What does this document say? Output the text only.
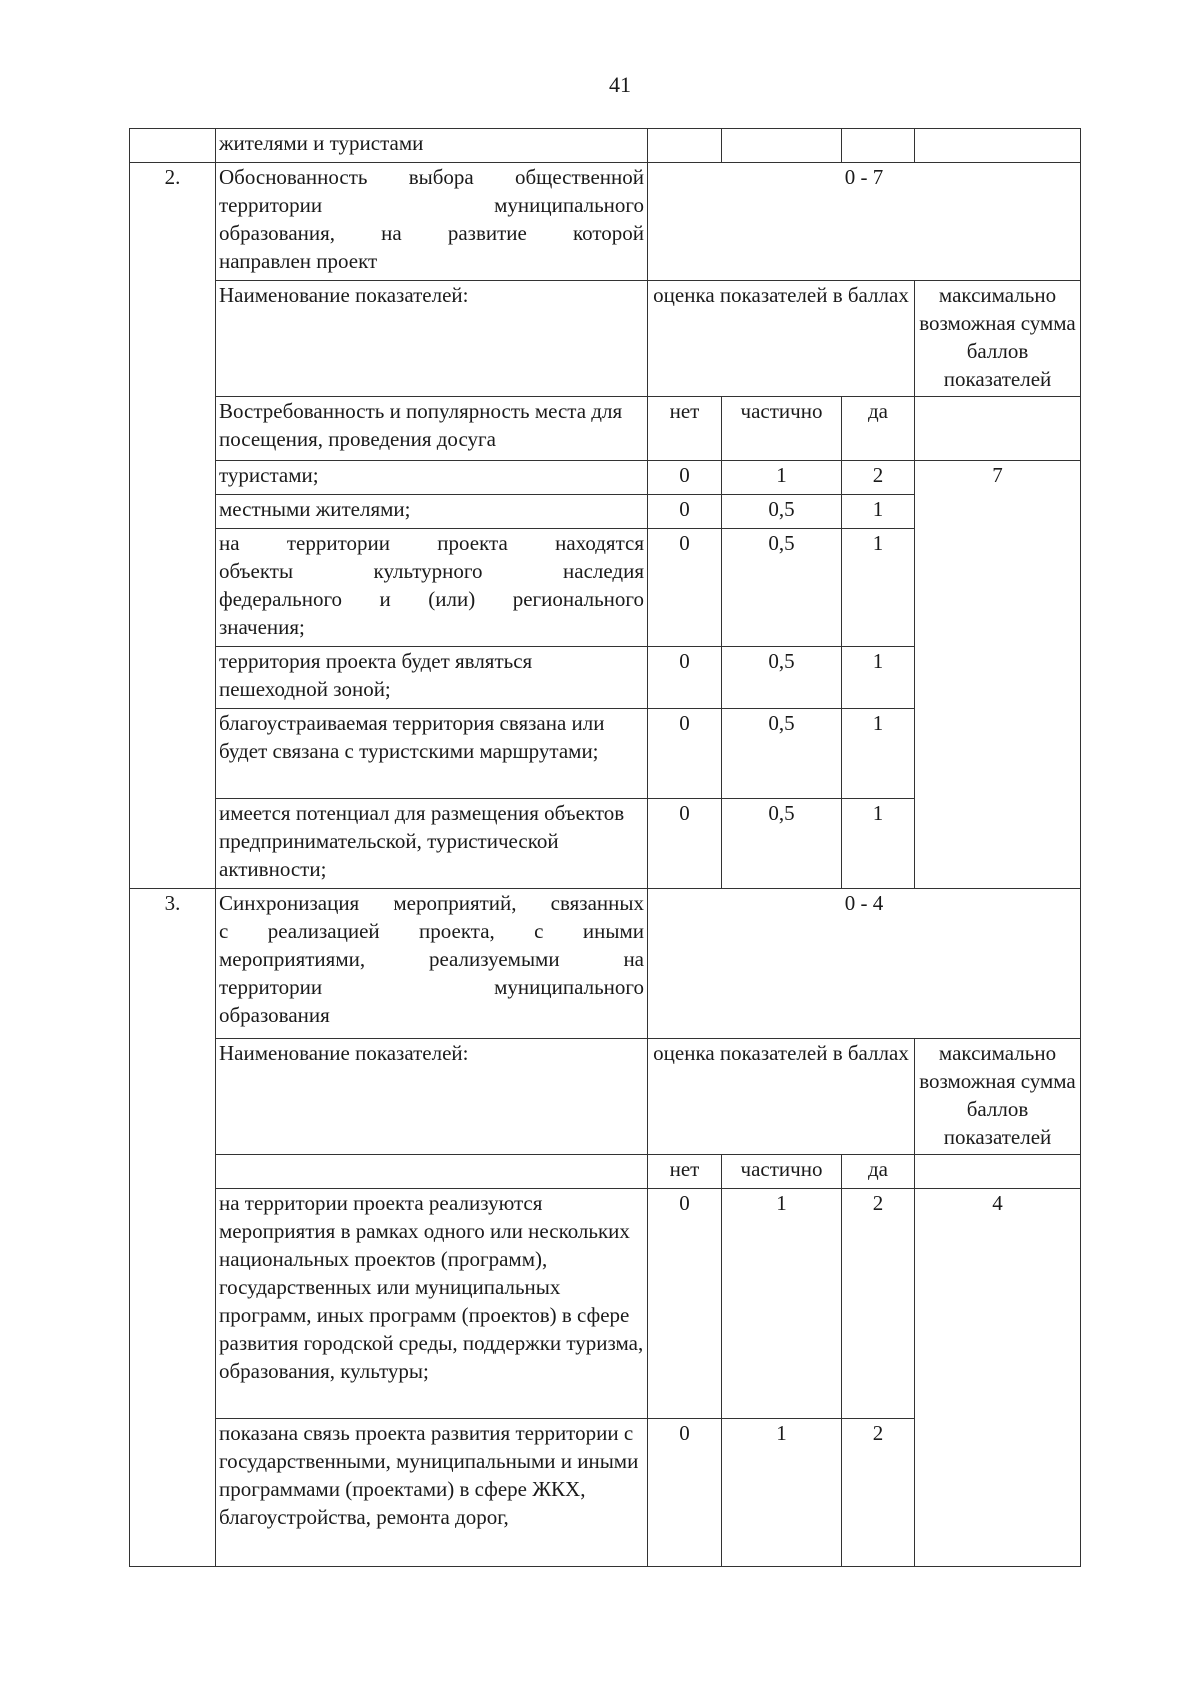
41
	жителями и туристами				
2.	Обоснованность выбора общественной
территории муниципального
образования, на развитие которой
направлен проект	0 - 7			
	Наименование показателей:	оценка показателей в баллах			максимально возможная сумма баллов показателей
	Востребованность и популярность места для посещения, проведения досуга	нет	частично	да	
	туристами;	0	1	2	7
	местными жителями;	0	0,5	1	

	на территории проекта находятся
объекты культурного наследия
федерального и (или) регионального
значения;	0	0,5	1	
	территория проекта будет являться пешеходной зоной;	0	0,5	1	
	благоустраиваемая территория связана или будет связана с туристскими маршрутами;	0	0,5	1	
	имеется потенциал для размещения объектов предпринимательской, туристической активности;	0	0,5	1	
3.	Синхронизация мероприятий, связанных
с реализацией проекта, с иными
мероприятиями, реализуемыми на
территории муниципального
образования	0 - 4			
	Наименование показателей:	оценка показателей в баллах			максимально возможная сумма баллов показателей
		нет	частично	да	
	на территории проекта реализуются мероприятия в рамках одного или нескольких национальных проектов (программ), государственных или муниципальных программ, иных программ (проектов) в сфере развития городской среды, поддержки туризма, образования, культуры;	0	1	2	4
	показана связь проекта развития территории с государственными, муниципальными и иными программами (проектами) в сфере ЖКХ, благоустройства, ремонта дорог,	0	1	2	
